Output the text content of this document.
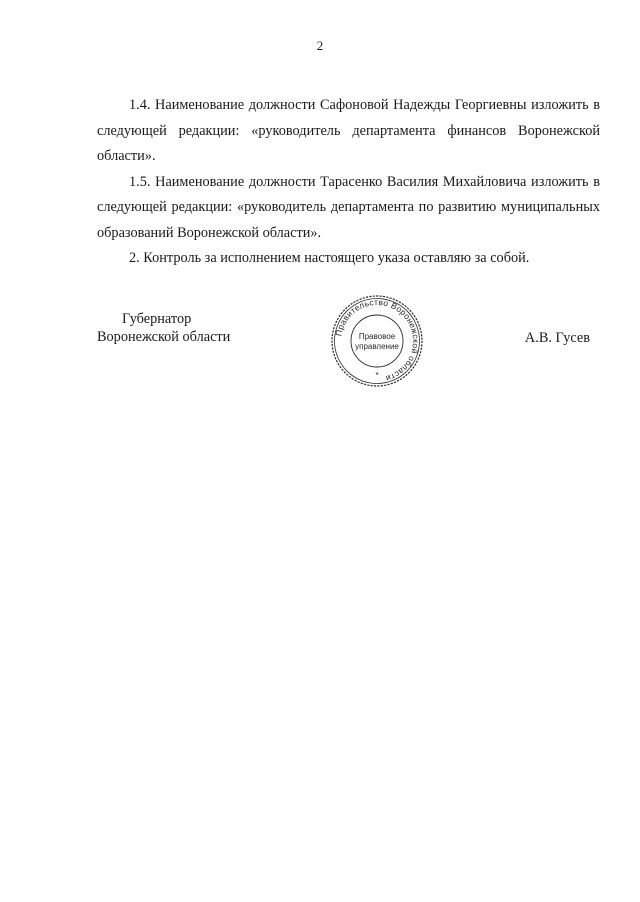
2

1.4. Наименование должности Сафоновой Надежды Георгиевны изложить в следующей редакции: «руководитель департамента финансов Воронежской области».

1.5. Наименование должности Тарасенко Василия Михайловича изложить в следующей редакции: «руководитель департамента по развитию муниципальных образований Воронежской области».

2. Контроль за исполнением настоящего указа оставляю за собой.

Губернатор
Воронежской области	Правительство Воронежской области
Правовое
управление
*
А.В. Гусев
